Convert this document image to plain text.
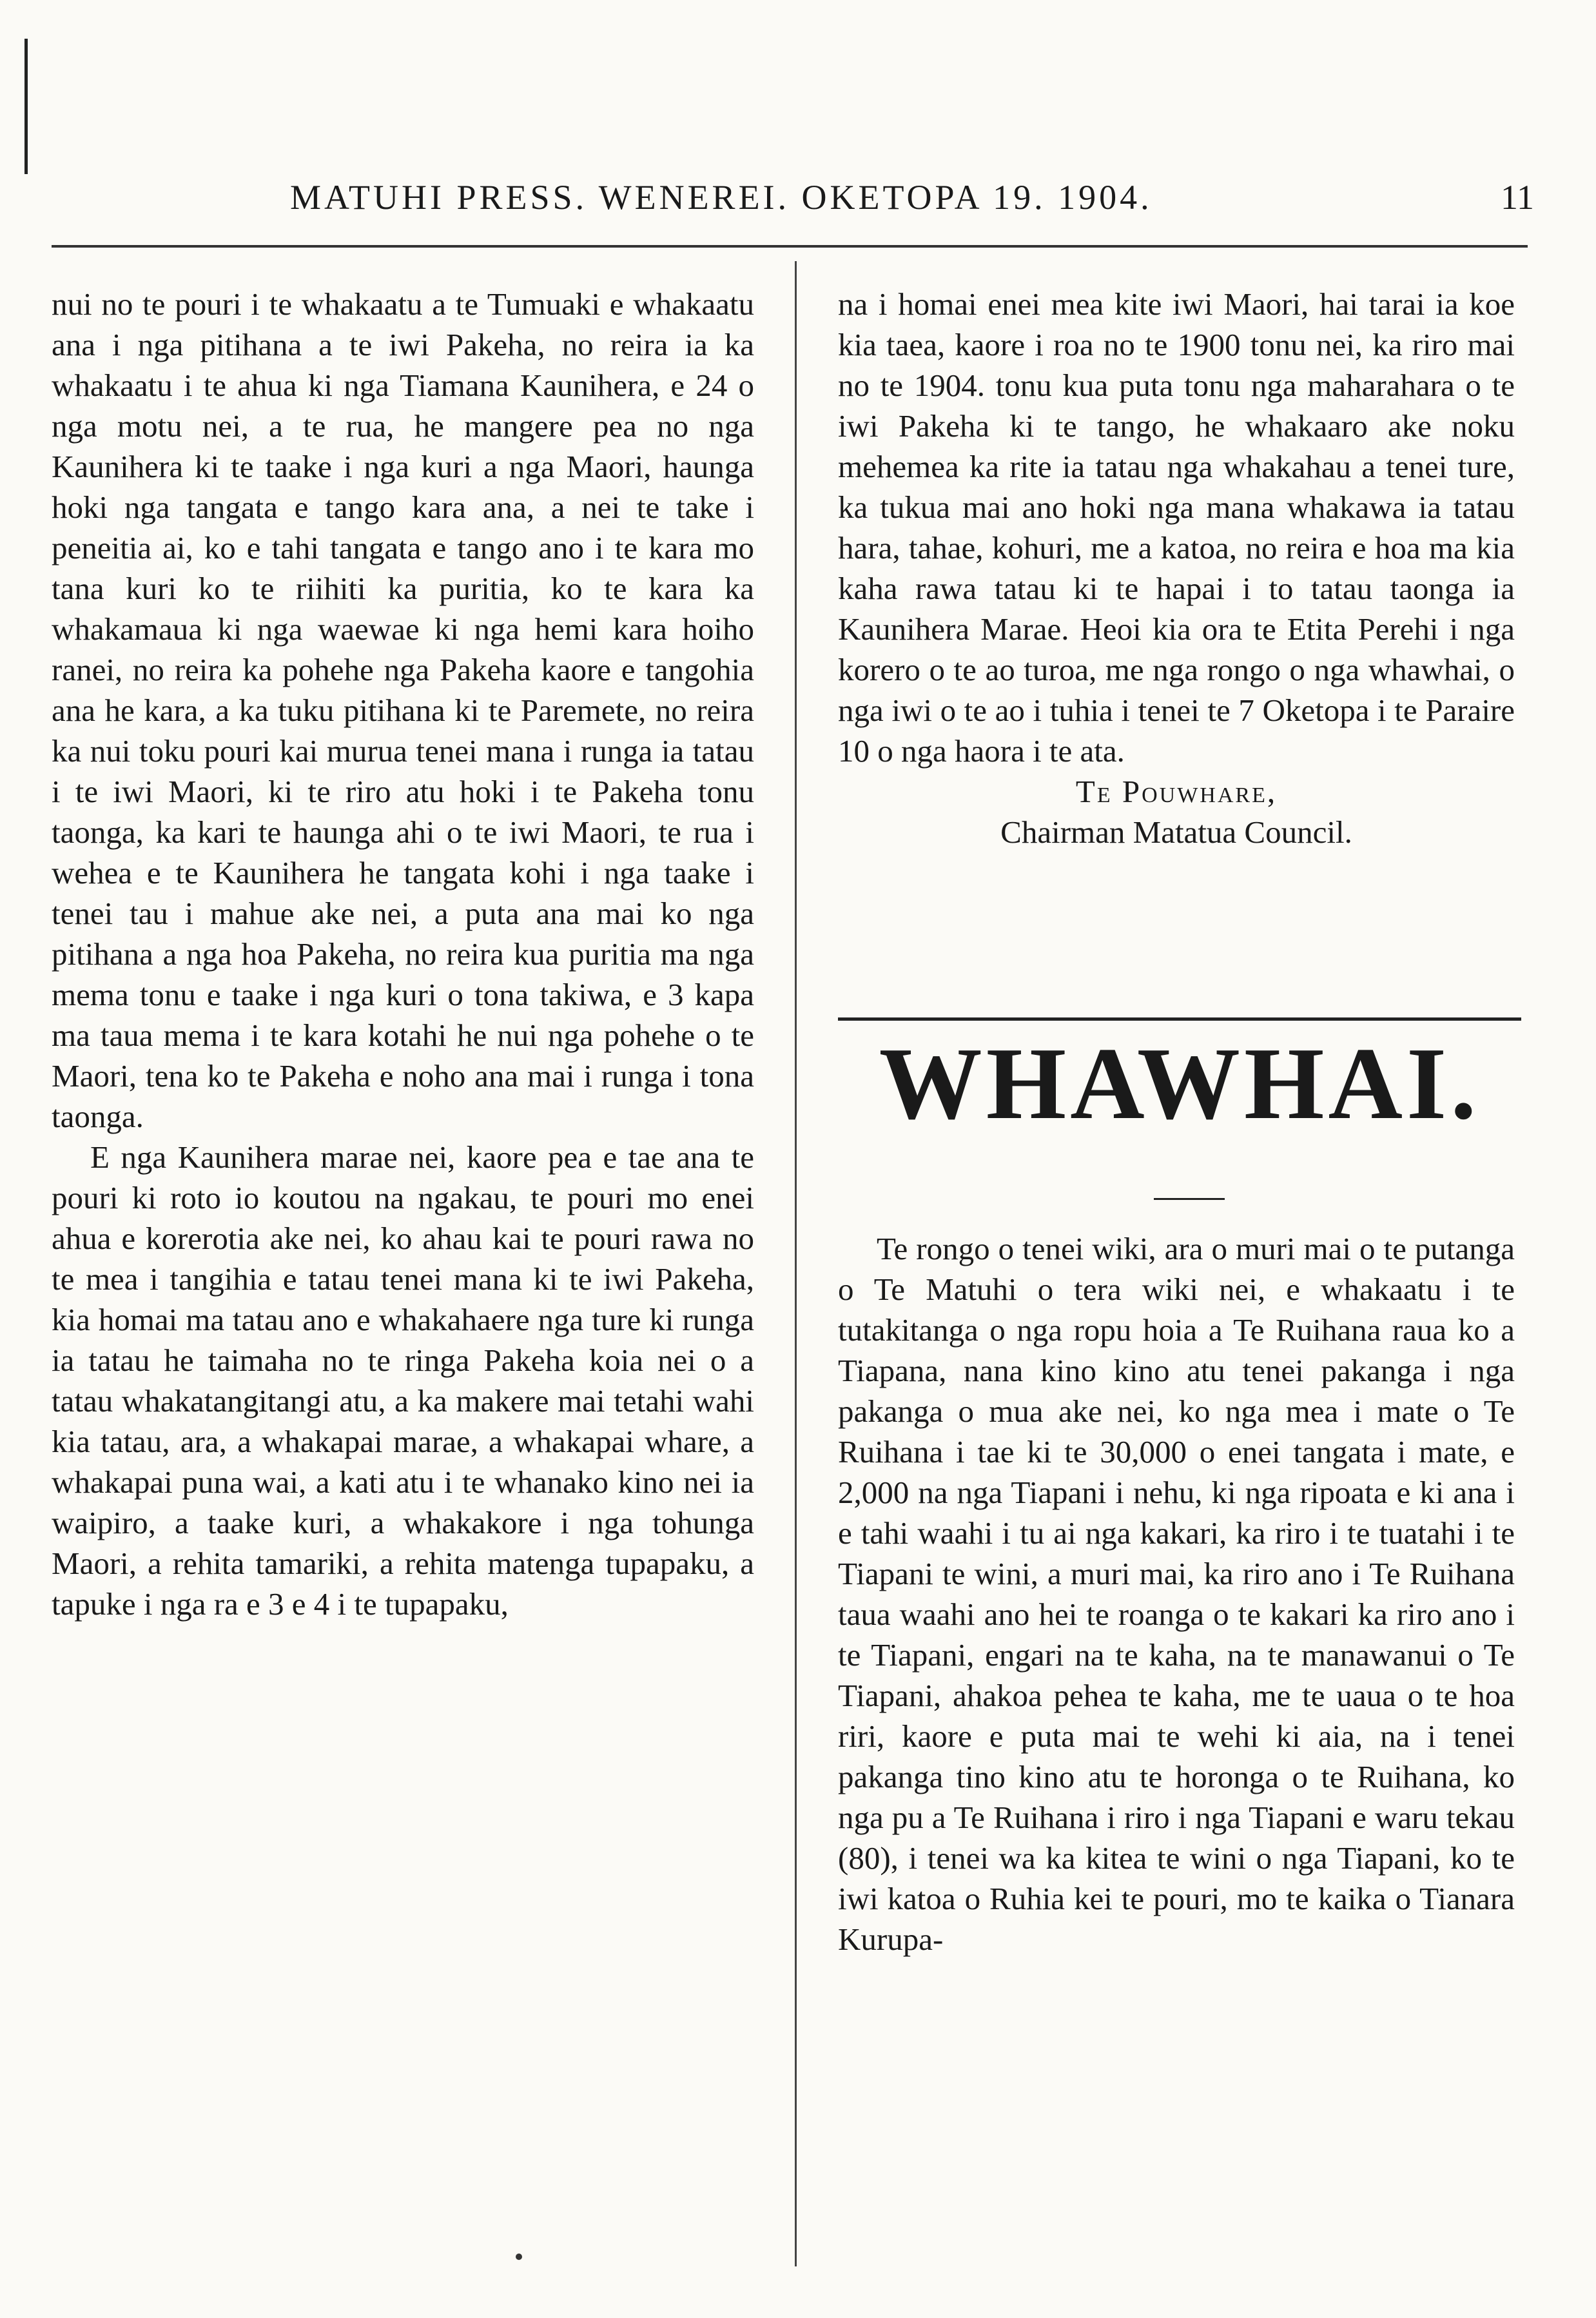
MATUHI PRESS. WENEREI. OKETOPA 19. 1904.	11

nui no te pouri i te whakaatu a te Tumuaki e whakaatu ana i nga pitihana a te iwi Pakeha, no reira ia ka whakaatu i te ahua ki nga Tiamana Kaunihera, e 24 o nga motu nei, a te rua, he mangere pea no nga Kaunihera ki te taake i nga kuri a nga Maori, haunga hoki nga tangata e tango kara ana, a nei te take i peneitia ai, ko e tahi tangata e tango ano i te kara mo tana kuri ko te riihiti ka puritia, ko te kara ka whakamaua ki nga waewae ki nga hemi kara hoiho ranei, no reira ka pohehe nga Pakeha kaore e tangohia ana he kara, a ka tuku pitihana ki te Paremete, no reira ka nui toku pouri kai murua tenei mana i runga ia tatau i te iwi Maori, ki te riro atu hoki i te Pakeha tonu taonga, ka kari te haunga ahi o te iwi Maori, te rua i wehea e te Kaunihera he tangata kohi i nga taake i tenei tau i mahue ake nei, a puta ana mai ko nga pitihana a nga hoa Pakeha, no reira kua puritia ma nga mema tonu e taake i nga kuri o tona takiwa, e 3 kapa ma taua mema i te kara kotahi he nui nga pohehe o te Maori, tena ko te Pakeha e noho ana mai i runga i tona taonga.

E nga Kaunihera marae nei, kaore pea e tae ana te pouri ki roto io koutou na ngakau, te pouri mo enei ahua e korerotia ake nei, ko ahau kai te pouri rawa no te mea i tangihia e tatau tenei mana ki te iwi Pakeha, kia homai ma tatau ano e whakahaere nga ture ki runga ia tatau he taimaha no te ringa Pakeha koia nei o a tatau whakatangitangi atu, a ka makere mai tetahi wahi kia tatau, ara, a whakapai marae, a whakapai whare, a whakapai puna wai, a kati atu i te whanako kino nei ia waipiro, a taake kuri, a whakakore i nga tohunga Maori, a rehita tamariki, a rehita matenga tupapaku, a tapuke i nga ra e 3 e 4 i te tupapaku,

na i homai enei mea kite iwi Maori, hai tarai ia koe kia taea, kaore i roa no te 1900 tonu nei, ka riro mai no te 1904. tonu kua puta tonu nga maharahara o te iwi Pakeha ki te tango, he whakaaro ake noku mehemea ka rite ia tatau nga whakahau a tenei ture, ka tukua mai ano hoki nga mana whakawa ia tatau hara, tahae, kohuri, me a katoa, no reira e hoa ma kia kaha rawa tatau ki te hapai i to tatau taonga ia Kaunihera Marae. Heoi kia ora te Etita Perehi i nga korero o te ao turoa, me nga rongo o nga whawhai, o nga iwi o te ao i tuhia i tenei te 7 Oketopa i te Paraire 10 o nga haora i te ata.

Te Pouwhare,

Chairman Matatua Council.

WHAWHAI.

Te rongo o tenei wiki, ara o muri mai o te putanga o Te Matuhi o tera wiki nei, e whakaatu i te tutakitanga o nga ropu hoia a Te Ruihana raua ko a Tiapana, nana kino kino atu tenei pakanga i nga pakanga o mua ake nei, ko nga mea i mate o Te Ruihana i tae ki te 30,000 o enei tangata i mate, e 2,000 na nga Tiapani i nehu, ki nga ripoata e ki ana i e tahi waahi i tu ai nga kakari, ka riro i te tuatahi i te Tiapani te wini, a muri mai, ka riro ano i Te Ruihana taua waahi ano hei te roanga o te kakari ka riro ano i te Tiapani, engari na te kaha, na te manawanui o Te Tiapani, ahakoa pehea te kaha, me te uaua o te hoa riri, kaore e puta mai te wehi ki aia, na i tenei pakanga tino kino atu te horonga o te Ruihana, ko nga pu a Te Ruihana i riro i nga Tiapani e waru tekau (80), i tenei wa ka kitea te wini o nga Tiapani, ko te iwi katoa o Ruhia kei te pouri, mo te kaika o Tianara Kurupa-
